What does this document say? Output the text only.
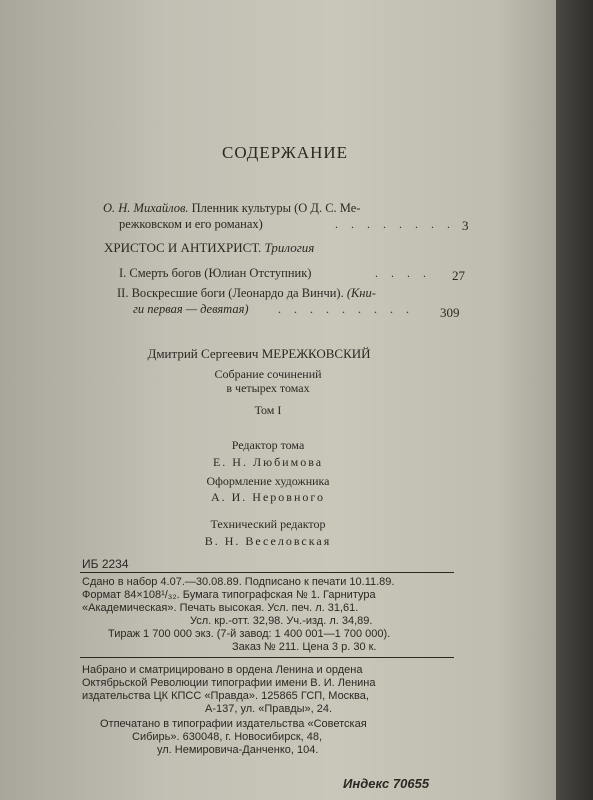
СОДЕРЖАНИЕ
О. Н. Михайлов. Пленник культуры (О Д. С. Ме-
режковском и его романах)	. . . . . . . . 3
ХРИСТОС И АНТИХРИСТ. Трилогия
I. Смерть богов (Юлиан Отступник)	. . . . 27
II. Воскресшие боги (Леонардо да Винчи). (Кни-
ги первая — девятая) . . . . . . . . . 309
Дмитрий Сергеевич МЕРЕЖКОВСКИЙ
Собрание сочинений
в четырех томах
Том I
Редактор тома
Е. Н. Любимова
Оформление художника
А. И. Неровного
Технический редактор
В. Н. Веселовская
ИБ 2234
Сдано в набор 4.07.—30.08.89. Подписано к печати 10.11.89.
Формат 84×108¹/₃₂. Бумага типографская № 1. Гарнитура
«Академическая». Печать высокая. Усл. печ. л. 31,61.
Усл. кр.-отт. 32,98. Уч.-изд. л. 34,89.
Тираж 1 700 000 экз. (7-й завод: 1 400 001—1 700 000).
Заказ № 211. Цена 3 р. 30 к.
Набрано и сматрицировано в ордена Ленина и ордена
Октябрьской Революции типографии имени В. И. Ленина
издательства ЦК КПСС «Правда». 125865 ГСП, Москва,
А-137, ул. «Правды», 24.
Отпечатано в типографии издательства «Советская
Сибирь». 630048, г. Новосибирск, 48,
ул. Немировича-Данченко, 104.
Индекс 70655
